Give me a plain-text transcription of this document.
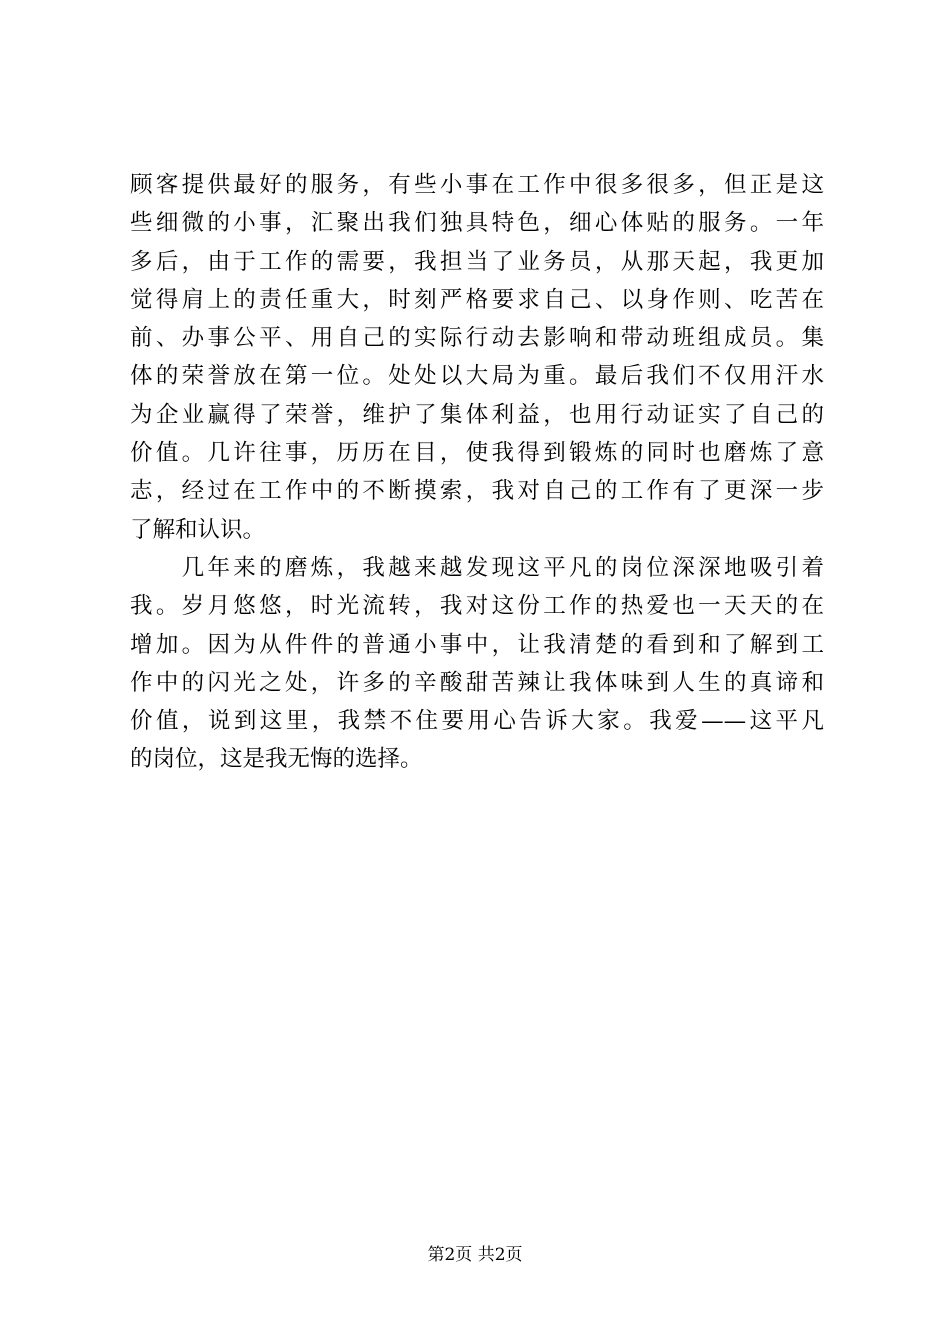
顾客提供最好的服务，有些小事在工作中很多很多，但正是这
些细微的小事，汇聚出我们独具特色，细心体贴的服务。一年
多后，由于工作的需要，我担当了业务员，从那天起，我更加
觉得肩上的责任重大，时刻严格要求自己、以身作则、吃苦在
前、办事公平、用自己的实际行动去影响和带动班组成员。集
体的荣誉放在第一位。处处以大局为重。最后我们不仅用汗水
为企业赢得了荣誉，维护了集体利益，也用行动证实了自己的
价值。几许往事，历历在目，使我得到锻炼的同时也磨炼了意
志，经过在工作中的不断摸索，我对自己的工作有了更深一步
了解和认识。
　　几年来的磨炼，我越来越发现这平凡的岗位深深地吸引着
我。岁月悠悠，时光流转，我对这份工作的热爱也一天天的在
增加。因为从件件的普通小事中，让我清楚的看到和了解到工
作中的闪光之处，许多的辛酸甜苦辣让我体味到人生的真谛和
价值，说到这里，我禁不住要用心告诉大家。我爱——这平凡
的岗位，这是我无悔的选择。
第2页 共2页
